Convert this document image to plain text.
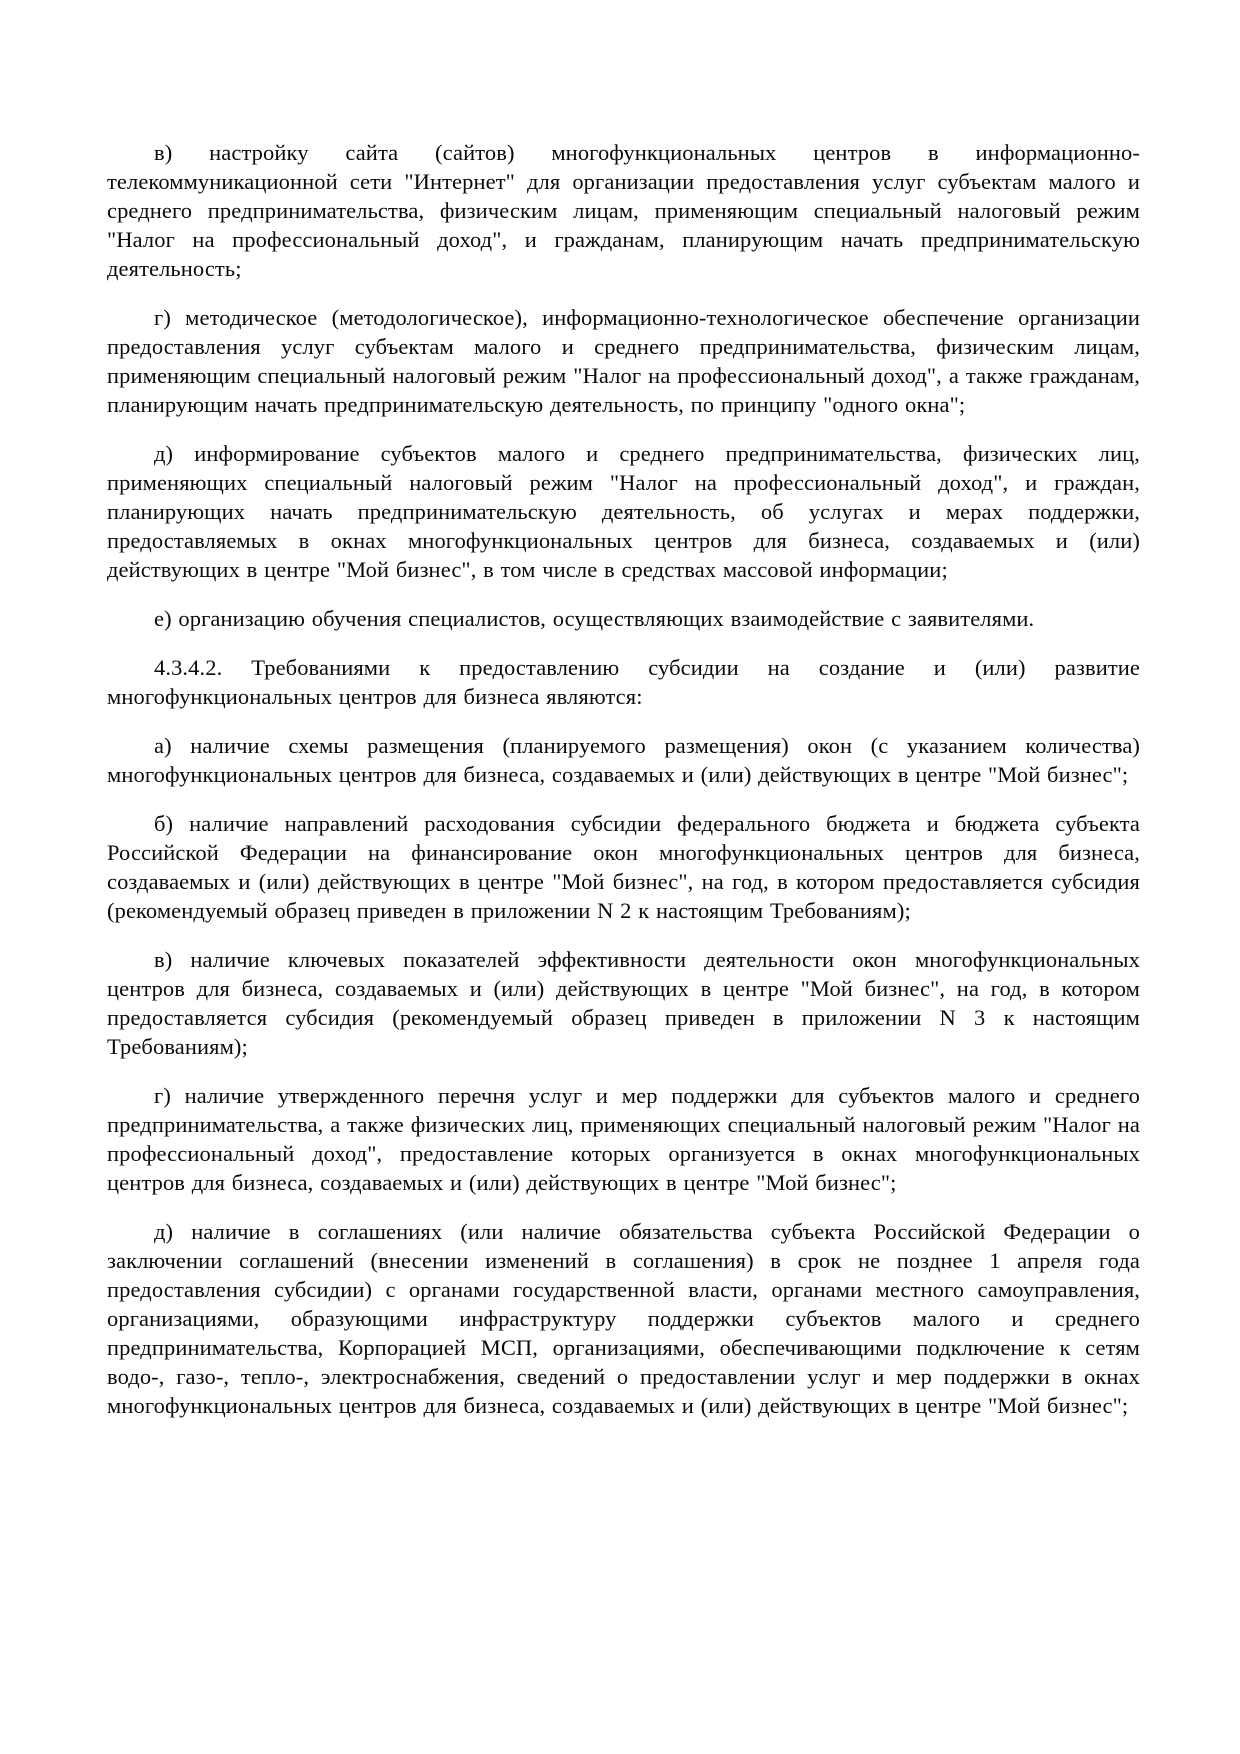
в) настройку сайта (сайтов) многофункциональных центров в информационно-телекоммуникационной сети "Интернет" для организации предоставления услуг субъектам малого и среднего предпринимательства, физическим лицам, применяющим специальный налоговый режим "Налог на профессиональный доход", и гражданам, планирующим начать предпринимательскую деятельность;

г) методическое (методологическое), информационно-технологическое обеспечение организации предоставления услуг субъектам малого и среднего предпринимательства, физическим лицам, применяющим специальный налоговый режим "Налог на профессиональный доход", а также гражданам, планирующим начать предпринимательскую деятельность, по принципу "одного окна";

д) информирование субъектов малого и среднего предпринимательства, физических лиц, применяющих специальный налоговый режим "Налог на профессиональный доход", и граждан, планирующих начать предпринимательскую деятельность, об услугах и мерах поддержки, предоставляемых в окнах многофункциональных центров для бизнеса, создаваемых и (или) действующих в центре "Мой бизнес", в том числе в средствах массовой информации;

е) организацию обучения специалистов, осуществляющих взаимодействие с заявителями.

4.3.4.2. Требованиями к предоставлению субсидии на создание и (или) развитие многофункциональных центров для бизнеса являются:

а) наличие схемы размещения (планируемого размещения) окон (с указанием количества) многофункциональных центров для бизнеса, создаваемых и (или) действующих в центре "Мой бизнес";

б) наличие направлений расходования субсидии федерального бюджета и бюджета субъекта Российской Федерации на финансирование окон многофункциональных центров для бизнеса, создаваемых и (или) действующих в центре "Мой бизнес", на год, в котором предоставляется субсидия (рекомендуемый образец приведен в приложении N 2 к настоящим Требованиям);

в) наличие ключевых показателей эффективности деятельности окон многофункциональных центров для бизнеса, создаваемых и (или) действующих в центре "Мой бизнес", на год, в котором предоставляется субсидия (рекомендуемый образец приведен в приложении N 3 к настоящим Требованиям);

г) наличие утвержденного перечня услуг и мер поддержки для субъектов малого и среднего предпринимательства, а также физических лиц, применяющих специальный налоговый режим "Налог на профессиональный доход", предоставление которых организуется в окнах многофункциональных центров для бизнеса, создаваемых и (или) действующих в центре "Мой бизнес";

д) наличие в соглашениях (или наличие обязательства субъекта Российской Федерации о заключении соглашений (внесении изменений в соглашения) в срок не позднее 1 апреля года предоставления субсидии) с органами государственной власти, органами местного самоуправления, организациями, образующими инфраструктуру поддержки субъектов малого и среднего предпринимательства, Корпорацией МСП, организациями, обеспечивающими подключение к сетям водо-, газо-, тепло-, электроснабжения, сведений о предоставлении услуг и мер поддержки в окнах многофункциональных центров для бизнеса, создаваемых и (или) действующих в центре "Мой бизнес";
